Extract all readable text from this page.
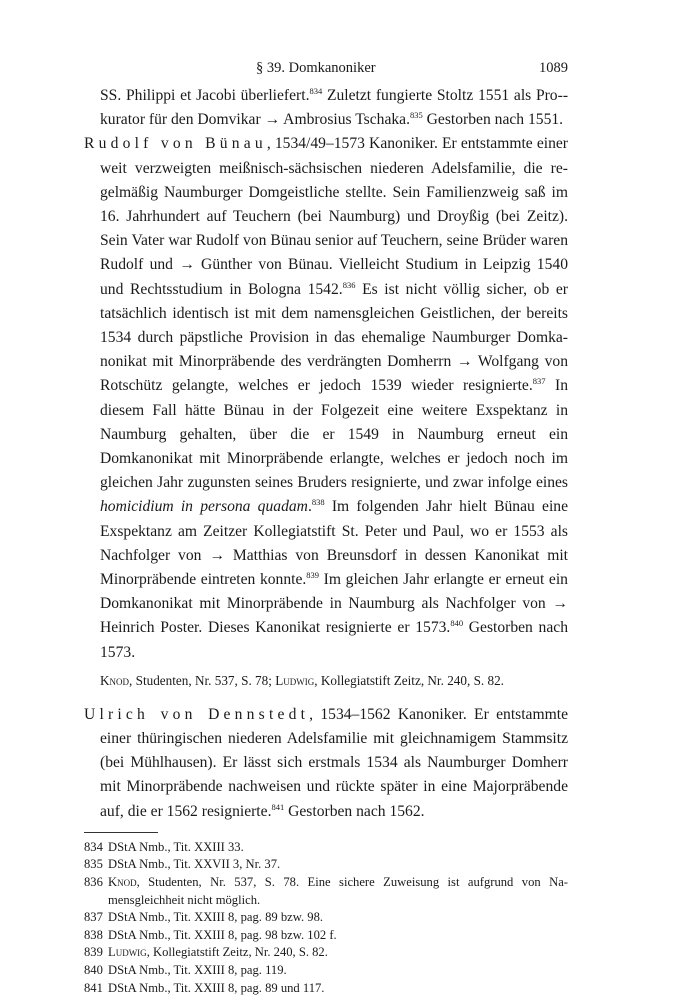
§ 39. Domkanoniker	1089

SS. Philippi et Jacobi überliefert.$^{834}$ Zuletzt fungierte Stoltz 1551 als Pro-kurator für den Domvikar → Ambrosius Tschaka.$^{835}$ Gestorben nach 1551.

Rudolf von Bünau, 1534/49–1573 Kanoniker. Er entstammte einer weit verzweigten meißnisch-sächsischen niederen Adelsfamilie, die regelmäßig Naumburger Domgeistliche stellte. Sein Familienzweig saß im 16. Jahrhundert auf Teuchern (bei Naumburg) und Droyßig (bei Zeitz). Sein Vater war Rudolf von Bünau senior auf Teuchern, seine Brüder waren Rudolf und → Günther von Bünau. Vielleicht Studium in Leipzig 1540 und Rechtsstudium in Bologna 1542.$^{836}$ Es ist nicht völlig sicher, ob er tatsächlich identisch ist mit dem namensgleichen Geistlichen, der bereits 1534 durch päpstliche Provision in das ehemalige Naumburger Domkanonikat mit Minorpräbende des verdrängten Domherrn → Wolfgang von Rotschütz gelangte, welches er jedoch 1539 wieder resignierte.$^{837}$ In diesem Fall hätte Bünau in der Folgezeit eine weitere Exspektanz in Naumburg gehalten, über die er 1549 in Naumburg erneut ein Domkanonikat mit Minorpräbende erlangte, welches er jedoch noch im gleichen Jahr zugunsten seines Bruders resignierte, und zwar infolge eines homicidium in persona quadam.$^{838}$ Im folgenden Jahr hielt Bünau eine Exspektanz am Zeitzer Kollegiatstift St. Peter und Paul, wo er 1553 als Nachfolger von → Matthias von Breunsdorf in dessen Kanonikat mit Minorpräbende eintreten konnte.$^{839}$ Im gleichen Jahr erlangte er erneut ein Domkanonikat mit Minorpräbende in Naumburg als Nachfolger von → Heinrich Poster. Dieses Kanonikat resignierte er 1573.$^{840}$ Gestorben nach 1573.

Knod, Studenten, Nr. 537, S. 78; Ludwig, Kollegiatstift Zeitz, Nr. 240, S. 82.

Ulrich von Dennstedt, 1534–1562 Kanoniker. Er entstammte einer thüringischen niederen Adelsfamilie mit gleichnamigem Stammsitz (bei Mühlhausen). Er lässt sich erstmals 1534 als Naumburger Domherr mit Minorpräbende nachweisen und rückte später in eine Majorpräbende auf, die er 1562 resignierte.$^{841}$ Gestorben nach 1562.

834 DStA Nmb., Tit. XXIII 33.
835 DStA Nmb., Tit. XXVII 3, Nr. 37.
836 Knod, Studenten, Nr. 537, S. 78. Eine sichere Zuweisung ist aufgrund von Namensgleichheit nicht möglich.
837 DStA Nmb., Tit. XXIII 8, pag. 89 bzw. 98.
838 DStA Nmb., Tit. XXIII 8, pag. 98 bzw. 102 f.
839 Ludwig, Kollegiatstift Zeitz, Nr. 240, S. 82.
840 DStA Nmb., Tit. XXIII 8, pag. 119.
841 DStA Nmb., Tit. XXIII 8, pag. 89 und 117.
